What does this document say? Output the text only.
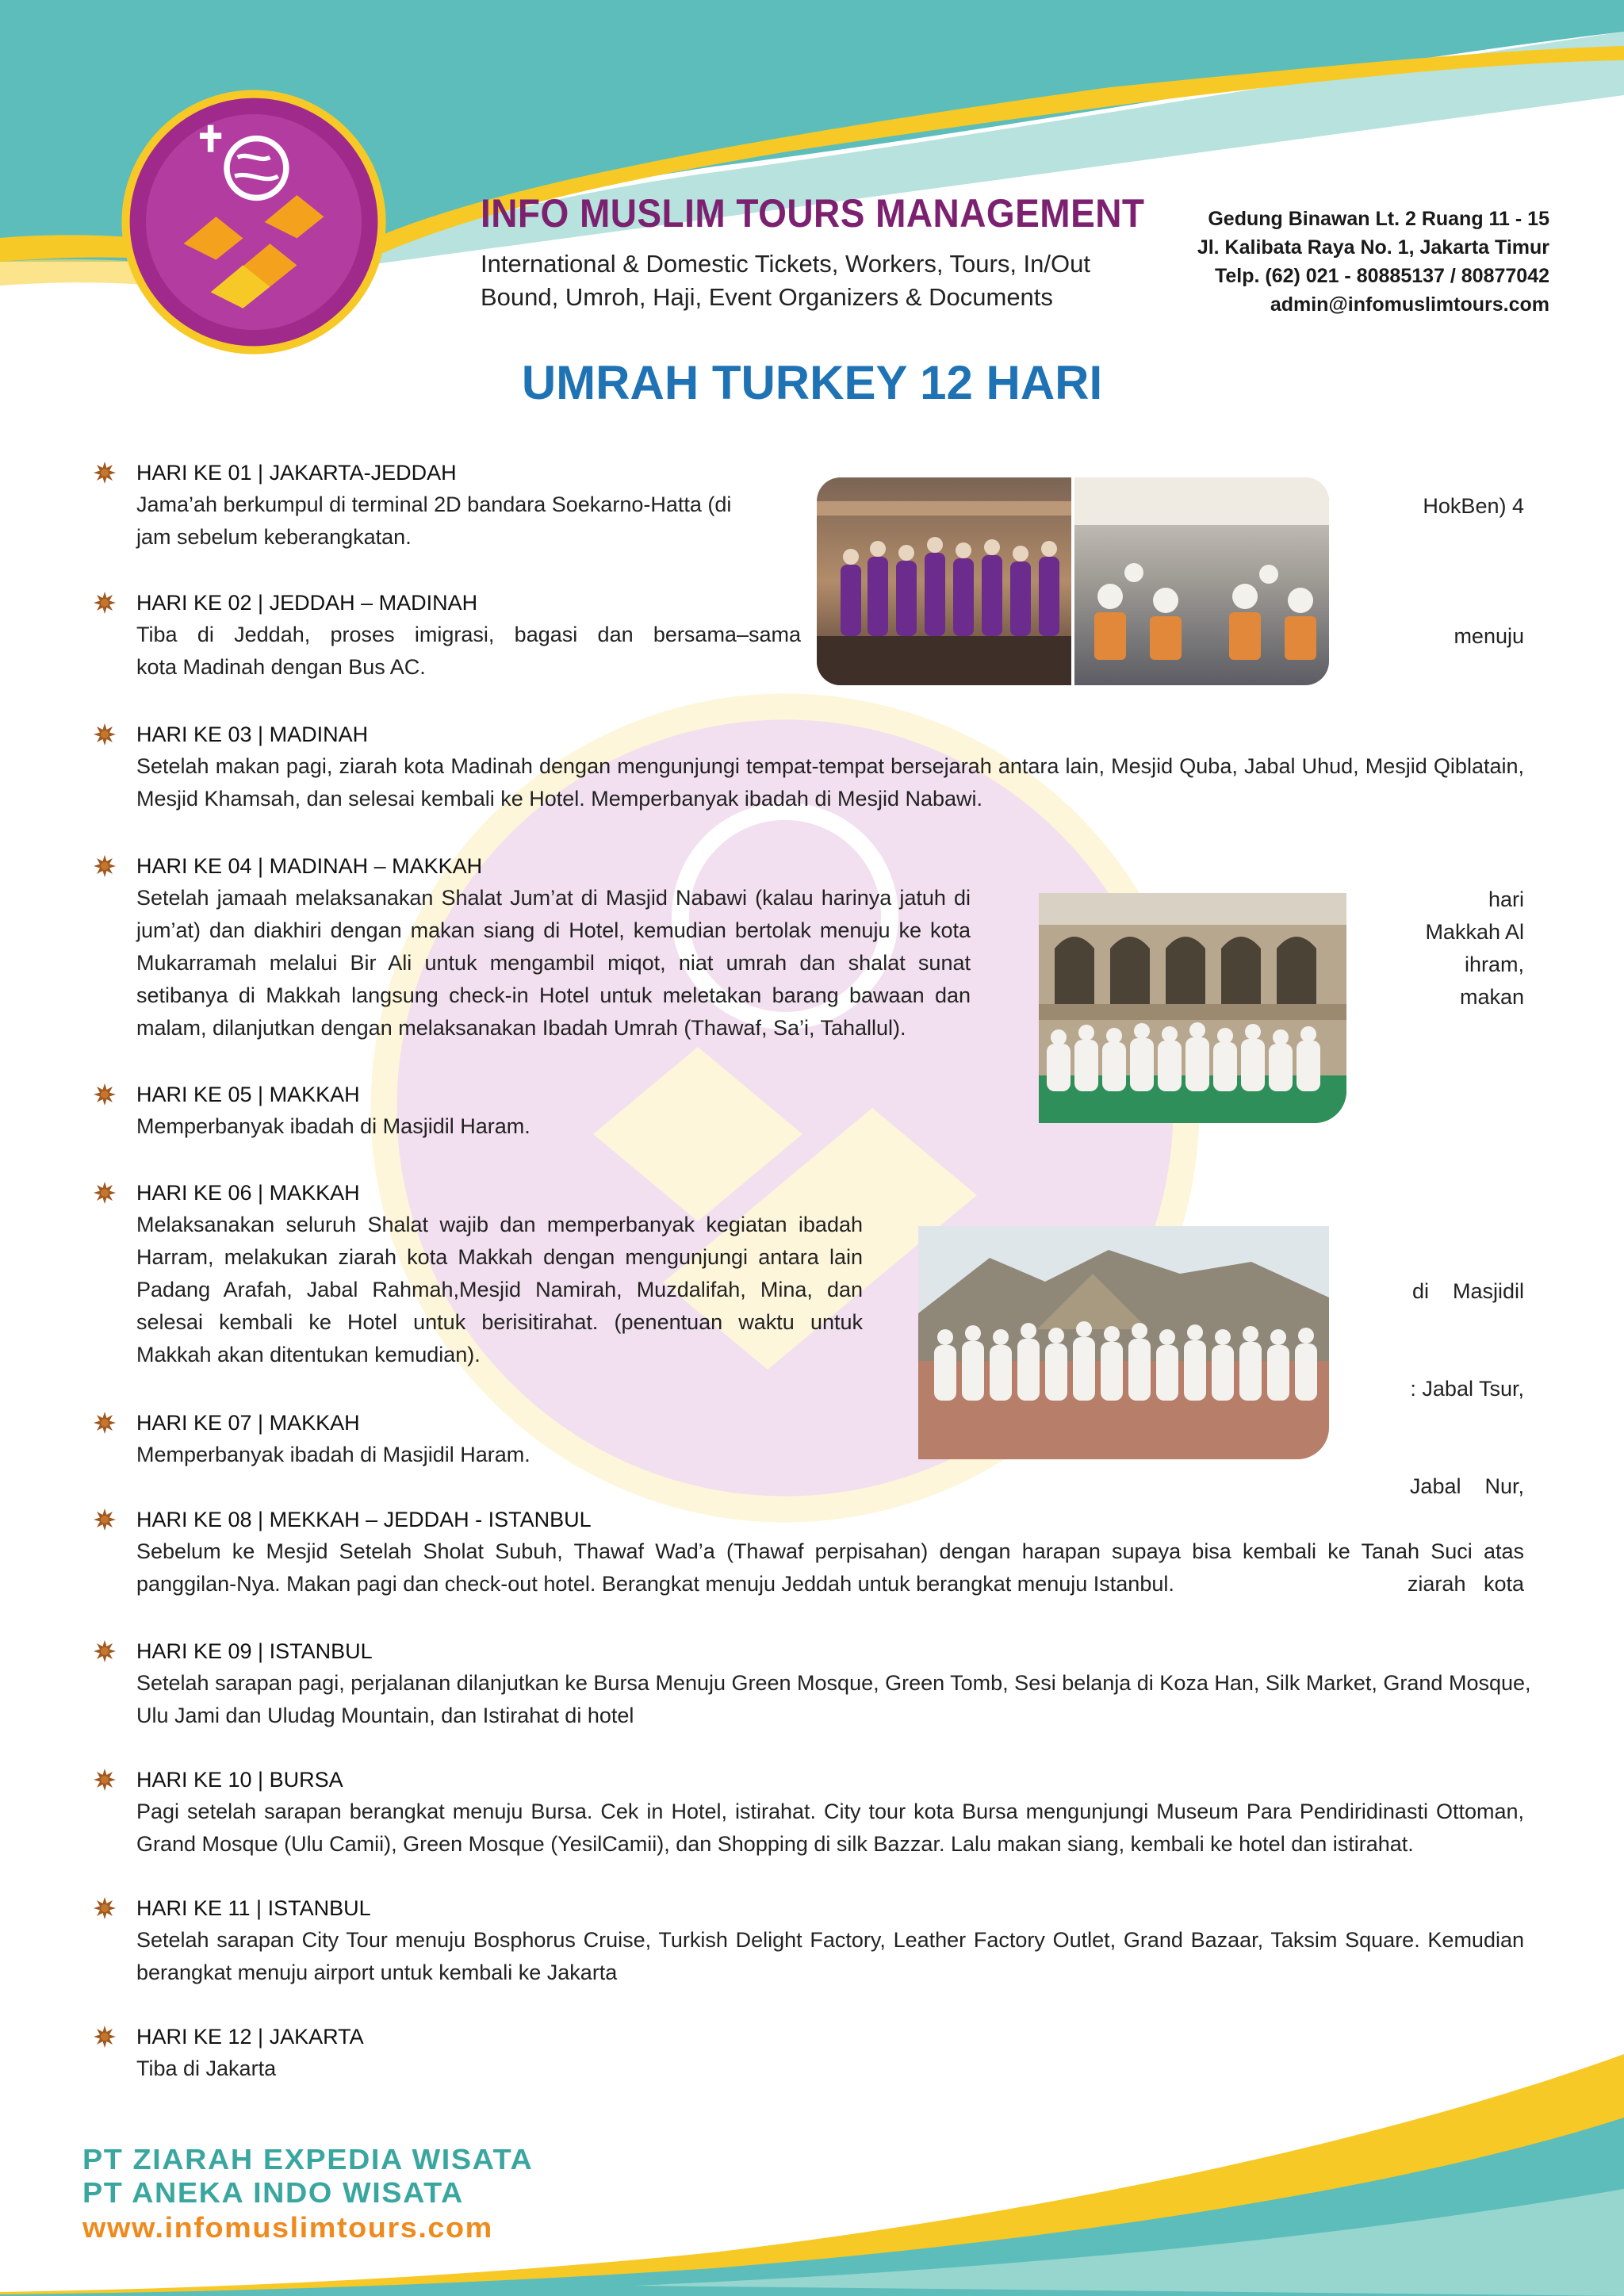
INFO MUSLIM TOURS MANAGEMENT
International & Domestic Tickets, Workers, Tours, In/Out
Bound, Umroh, Haji, Event Organizers & Documents
Gedung Binawan Lt. 2 Ruang 11 - 15
Jl. Kalibata Raya No. 1, Jakarta Timur
Telp. (62) 021 - 80885137 / 80877042
admin@infomuslimtours.com
UMRAH TURKEY 12 HARI
HARI KE 01 | JAKARTA-JEDDAH
Jama’ah berkumpul di terminal 2D bandara Soekarno-Hatta (di
jam sebelum keberangkatan.
HokBen) 4
HARI KE 02 | JEDDAH – MADINAH
Tiba di Jeddah, proses imigrasi, bagasi dan bersama–sama
kota Madinah dengan Bus AC.
menuju
HARI KE 03 | MADINAH
Setelah makan pagi, ziarah kota Madinah dengan mengunjungi tempat-tempat bersejarah antara lain, Mesjid Quba, Jabal Uhud, Mesjid Qiblatain, Mesjid Khamsah, dan selesai kembali ke Hotel. Memperbanyak ibadah di Mesjid Nabawi.
HARI KE 04 | MADINAH – MAKKAH
Setelah jamaah melaksanakan Shalat Jum’at di Masjid Nabawi (kalau harinya jatuh di
jum’at) dan diakhiri dengan makan siang di Hotel, kemudian bertolak menuju ke kota
Mukarramah melalui Bir Ali untuk mengambil miqot, niat umrah dan shalat sunat
setibanya di Makkah langsung check-in Hotel untuk meletakan barang bawaan dan
malam, dilanjutkan dengan melaksanakan Ibadah Umrah (Thawaf, Sa’i, Tahallul).
hari
Makkah Al
ihram,
makan
HARI KE 05 | MAKKAH
Memperbanyak ibadah di Masjidil Haram.
HARI KE 06 | MAKKAH
Melaksanakan seluruh Shalat wajib dan memperbanyak kegiatan ibadah
Harram, melakukan ziarah kota Makkah dengan mengunjungi antara lain
Padang Arafah, Jabal Rahmah,Mesjid Namirah, Muzdalifah, Mina, dan
selesai kembali ke Hotel untuk berisitirahat. (penentuan waktu untuk
Makkah akan ditentukan kemudian).

di    Masjidil

: Jabal Tsur,

Jabal    Nur,

ziarah   kota

HARI KE 07 | MAKKAH
Memperbanyak ibadah di Masjidil Haram.
HARI KE 08 | MEKKAH – JEDDAH - ISTANBUL
Sebelum ke Mesjid Setelah Sholat Subuh, Thawaf Wad’a (Thawaf perpisahan) dengan harapan supaya bisa kembali ke Tanah Suci atas panggilan-Nya. Makan pagi dan check-out hotel. Berangkat menuju Jeddah untuk berangkat menuju Istanbul.
HARI KE 09 | ISTANBUL
Setelah sarapan pagi, perjalanan dilanjutkan ke Bursa Menuju Green Mosque, Green Tomb, Sesi belanja di Koza Han, Silk Market, Grand Mosque, Ulu Jami dan Uludag Mountain, dan Istirahat di hotel
HARI KE 10 | BURSA
Pagi setelah sarapan berangkat menuju Bursa. Cek in Hotel, istirahat. City tour kota Bursa mengunjungi Museum Para Pendiridinasti Ottoman, Grand Mosque (Ulu Camii), Green Mosque (YesilCamii), dan Shopping di silk Bazzar. Lalu makan siang, kembali ke hotel dan istirahat.
HARI KE 11 | ISTANBUL
Setelah sarapan City Tour menuju Bosphorus Cruise, Turkish Delight Factory, Leather Factory Outlet, Grand Bazaar, Taksim Square. Kemudian berangkat menuju airport untuk kembali ke Jakarta
HARI KE 12 | JAKARTA
Tiba di Jakarta
PT ZIARAH EXPEDIA WISATA
PT ANEKA INDO WISATA
www.infomuslimtours.com
